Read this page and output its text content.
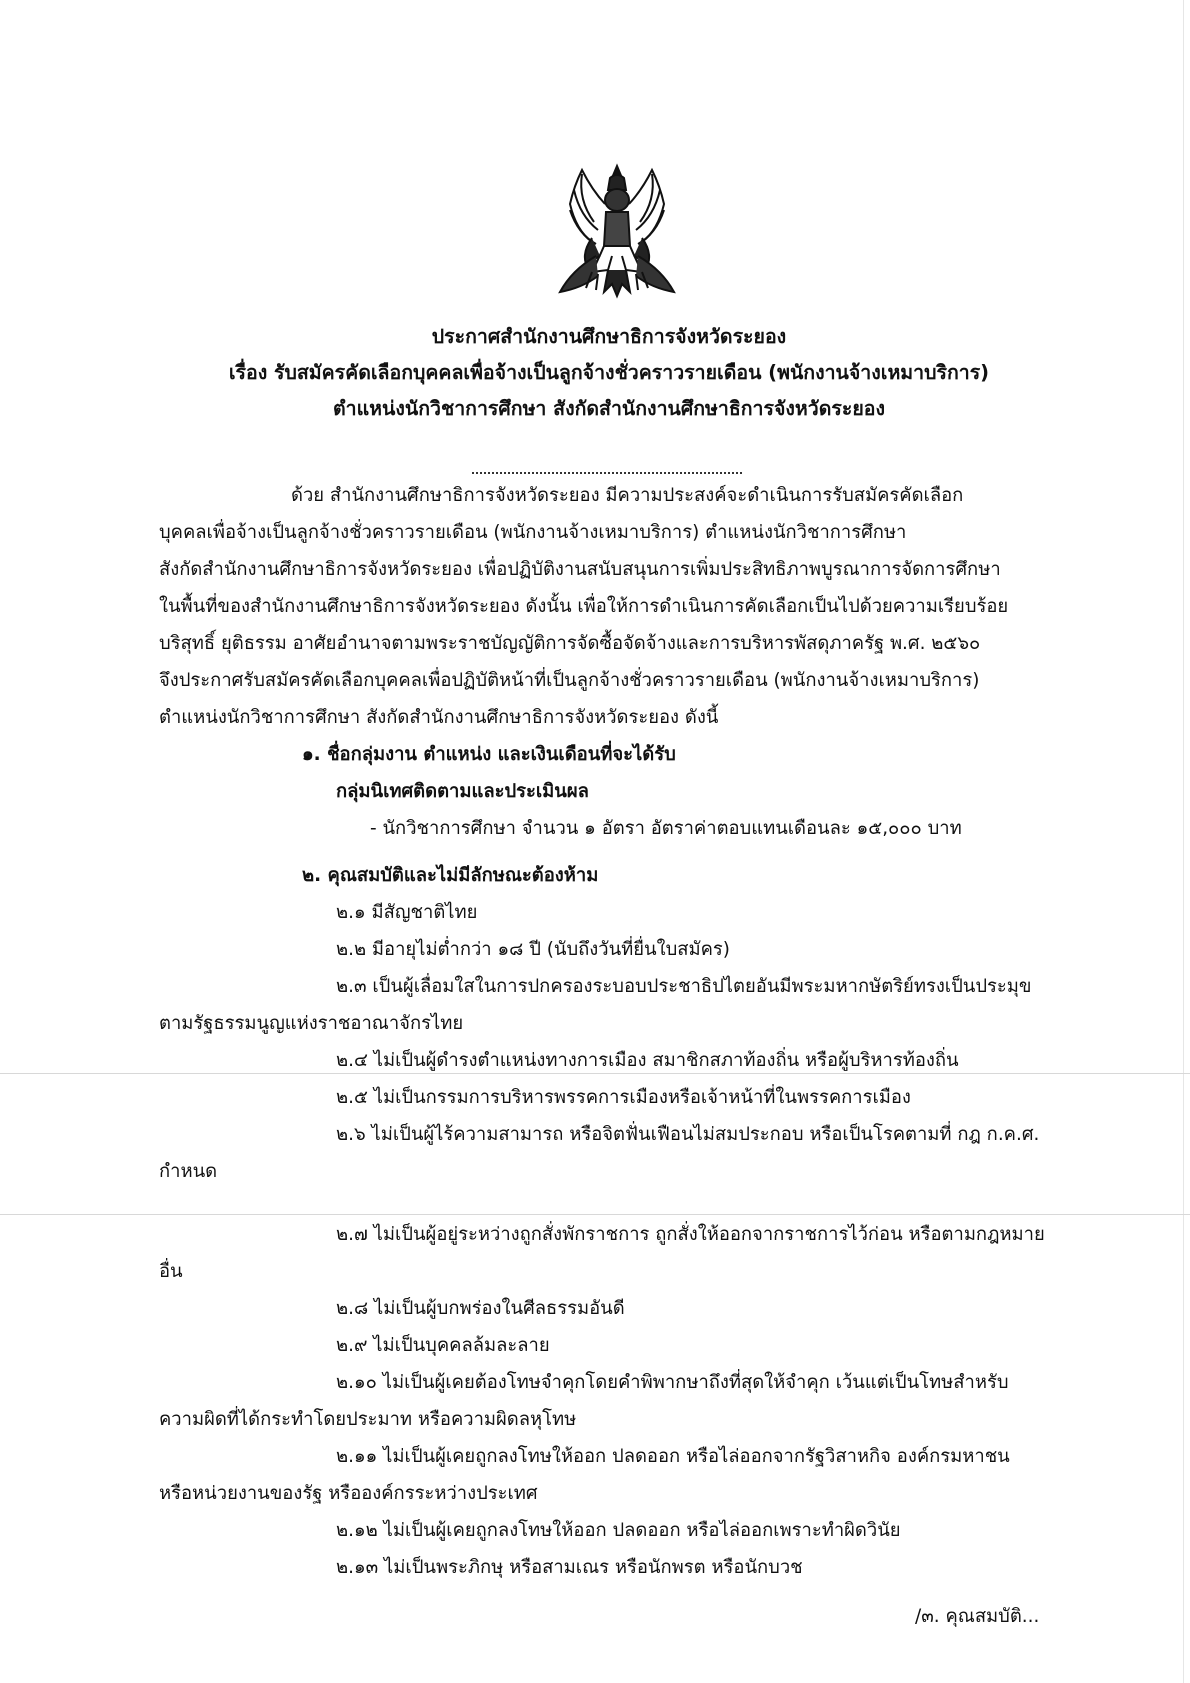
ประกาศสำนักงานศึกษาธิการจังหวัดระยอง
เรื่อง รับสมัครคัดเลือกบุคคลเพื่อจ้างเป็นลูกจ้างชั่วคราวรายเดือน (พนักงานจ้างเหมาบริการ)
ตำแหน่งนักวิชาการศึกษา สังกัดสำนักงานศึกษาธิการจังหวัดระยอง
ด้วย สำนักงานศึกษาธิการจังหวัดระยอง มีความประสงค์จะดำเนินการรับสมัครคัดเลือก
บุคคลเพื่อจ้างเป็นลูกจ้างชั่วคราวรายเดือน (พนักงานจ้างเหมาบริการ) ตำแหน่งนักวิชาการศึกษา
สังกัดสำนักงานศึกษาธิการจังหวัดระยอง เพื่อปฏิบัติงานสนับสนุนการเพิ่มประสิทธิภาพบูรณาการจัดการศึกษา
ในพื้นที่ของสำนักงานศึกษาธิการจังหวัดระยอง ดังนั้น เพื่อให้การดำเนินการคัดเลือกเป็นไปด้วยความเรียบร้อย
บริสุทธิ์ ยุติธรรม อาศัยอำนาจตามพระราชบัญญัติการจัดซื้อจัดจ้างและการบริหารพัสดุภาครัฐ พ.ศ. ๒๕๖๐
จึงประกาศรับสมัครคัดเลือกบุคคลเพื่อปฏิบัติหน้าที่เป็นลูกจ้างชั่วคราวรายเดือน (พนักงานจ้างเหมาบริการ)
ตำแหน่งนักวิชาการศึกษา สังกัดสำนักงานศึกษาธิการจังหวัดระยอง ดังนี้
๑. ชื่อกลุ่มงาน ตำแหน่ง และเงินเดือนที่จะได้รับ
กลุ่มนิเทศติดตามและประเมินผล
- นักวิชาการศึกษา จำนวน ๑ อัตรา อัตราค่าตอบแทนเดือนละ ๑๕,๐๐๐ บาท
๒. คุณสมบัติและไม่มีลักษณะต้องห้าม
๒.๑ มีสัญชาติไทย
๒.๒ มีอายุไม่ต่ำกว่า ๑๘ ปี (นับถึงวันที่ยื่นใบสมัคร)
๒.๓ เป็นผู้เลื่อมใสในการปกครองระบอบประชาธิปไตยอันมีพระมหากษัตริย์ทรงเป็นประมุข
ตามรัฐธรรมนูญแห่งราชอาณาจักรไทย
๒.๔ ไม่เป็นผู้ดำรงตำแหน่งทางการเมือง สมาชิกสภาท้องถิ่น หรือผู้บริหารท้องถิ่น
๒.๕ ไม่เป็นกรรมการบริหารพรรคการเมืองหรือเจ้าหน้าที่ในพรรคการเมือง
๒.๖ ไม่เป็นผู้ไร้ความสามารถ หรือจิตฟั่นเฟือนไม่สมประกอบ หรือเป็นโรคตามที่ กฎ ก.ค.ศ.
กำหนด
๒.๗ ไม่เป็นผู้อยู่ระหว่างถูกสั่งพักราชการ ถูกสั่งให้ออกจากราชการไว้ก่อน หรือตามกฎหมาย
อื่น
๒.๘ ไม่เป็นผู้บกพร่องในศีลธรรมอันดี
๒.๙ ไม่เป็นบุคคลล้มละลาย
๒.๑๐ ไม่เป็นผู้เคยต้องโทษจำคุกโดยคำพิพากษาถึงที่สุดให้จำคุก เว้นแต่เป็นโทษสำหรับ
ความผิดที่ได้กระทำโดยประมาท หรือความผิดลหุโทษ
๒.๑๑ ไม่เป็นผู้เคยถูกลงโทษให้ออก ปลดออก หรือไล่ออกจากรัฐวิสาหกิจ องค์กรมหาชน
หรือหน่วยงานของรัฐ หรือองค์กรระหว่างประเทศ
๒.๑๒ ไม่เป็นผู้เคยถูกลงโทษให้ออก ปลดออก หรือไล่ออกเพราะทำผิดวินัย
๒.๑๓ ไม่เป็นพระภิกษุ หรือสามเณร หรือนักพรต หรือนักบวช
/๓. คุณสมบัติ...
